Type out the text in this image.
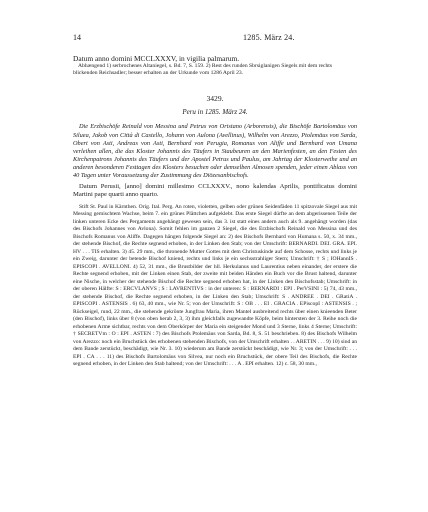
14	1285. März 24.

Datum anno domini MCCLXXXV, in vigilia palmarum.

Abhængend 1) serbrochenes Altaniegel, s. Bd. 7, S. 159. 2) Rest des runden Sbrsiglanigen Siegels mit dem rechts blickenden Reichsadler; besser erhalten an der Urkunde vom 1286 April 23.

3429.
Peru in 1285. März 24.

Die Erzbischöfe Reinald von Messina und Petrus von Oristano (Arborensis), die Bischöfe Bartolomäus von Siluea, Jakob von Città di Castello, Johann von Aulona (Avellinus), Wilhelm von Arezzo, Ptolemäus von Sarda, Obert von Asti, Andreas von Asti, Bernhard von Perugia, Romanus von Aliffe und Bernhard von Umana verleihen allen, die das Kloster Johannis des Täufers in Staubeuren an den Marienfesten, an den Festen des Kirchenpatrons Johannis des Täufers und der Apostel Petrus und Paulus, am Jahrtag der Klosterweihe und an anderen besonderen Festtagen des Klosters besuchen oder demselben Almosen spenden, jeder einen Ablass von 40 Tagen unter Voraussetzung der Zustimmung des Diözesanbischofs.

Datum Perusii, [anno] domini millesimo CCLXXXV., nono kalendas Aprilis, pontificatus domini Martini pape quarti anno quarto.

Stift St. Paul in Kärnthen. Orig. Ital. Perg. An roten, violetten, gelben oder grünen Seidenfäden 11 spitzovale Siegel aus mit Messing gemischtem Wachse, beim 7. ein grünes Plättchen aufgeklebt. Das erste Siegel dürfte an dem abgerissenen Teile der linken unteren Ecke des Pergaments angehängt gewesen sein, das 3. ist statt eines andern auch als 9. angehängt worden (das des Bischofs Johannes von Avlona). Somit fehlen im ganzen 2 Siegel, die des Erzbischofs Reinald von Messina und des Bischofs Romanus von Aliffe. Dagegen hängen folgende Siegel an: 2) des Bischofs Bernhard von Humana s. 50, x. 34 mm., der stehende Bischof, die Rechte segnend erhoben, in der Linken den Stab; von der Umschrift: BERNARDI. DEI. GRA. EPI. HV . . . TIS erhalten. 3) 45. 29 mm., die thronende Mutter Gottes mit dem Christuskinde auf dem Schosse, rechts und links je ein Zweig, darunter der betende Bischof kniend, rechts und links je ein sechsstrahliger Stern; Umschrift: † S ; IOHannIS . EPISCOPI . AVELLONI. 4) 52, 31 mm., die Brustbilder der hll. Herkulanus und Laurentius neben einander, der erstere die Rechte segnend erhoben, mit der Linken einen Stab, der zweite mit beiden Händen ein Buch vor die Brust haltend, darunter eine Nische, in welcher der stehende Bischof die Rechte segnend erhoben hat, in der Linken den Bischofsstab; Umschrift: in der oberen Hälfte: S : ERCVLANVS ; S : LAVRENTIVS : in der unteren: S : BERNARDI : EPI . PerVSINI : 5) 74, 43 mm., der stehende Bischof, die Rechte segnend erhoben, in der Linken den Stab; Umschrift: S . ANDREE . DEI . GRatiA . EPISCOPI . ASTENSIS . 6) 63, 40 mm., wie Nr. 5; von der Umschrift: S : OB . . . EI . GRACIA . EPiscopI : ASTENSIS . ; Rückseigel, rund, 22 mm., die stehende gekrönte Jungfrau Maria, ihren Mantel ausbreitend rechts über einen knieenden Beter (den Bischof), links über 8 (von oben herab 2, 3, 3) ihm gleichfalls zugewandte Köpfe, beim hintersten der 3. Reihe noch die erhobenen Arme sichtbar, rechts von dem Oberkörper der Maria ein steigender Mond und 3 Sterne, links 4 Sterne; Umschrift: † SECRETVm : O : EPI . ASTEN : 7) des Bischofs Ptolemäus von Sarda, Bd. 8, S. 51 beschrieben. 8) des Bischofs Wilhelm von Arezzo: noch ein Bruchstück des erhobenen stehenden Bischofs, von der Umschrift erhalten . . ARETIN . . . 9) 10) sind an dem Bande zerstückt, beschädigt, wie Nr. 3. 10) wiederum am Bande zerstückt beschädigt, wie Nr. 3; von der Umschrift: . . . EPI . CA . . . 11) des Bischofs Bartolomäus von Silvea, nur noch ein Bruchstück, der obere Teil des Bischofs, die Rechte segnend erhoben, in der Linken den Stab haltend; von der Umschrift: . . . A . EPI erhalten. 12) c. 58, 30 mm.,
